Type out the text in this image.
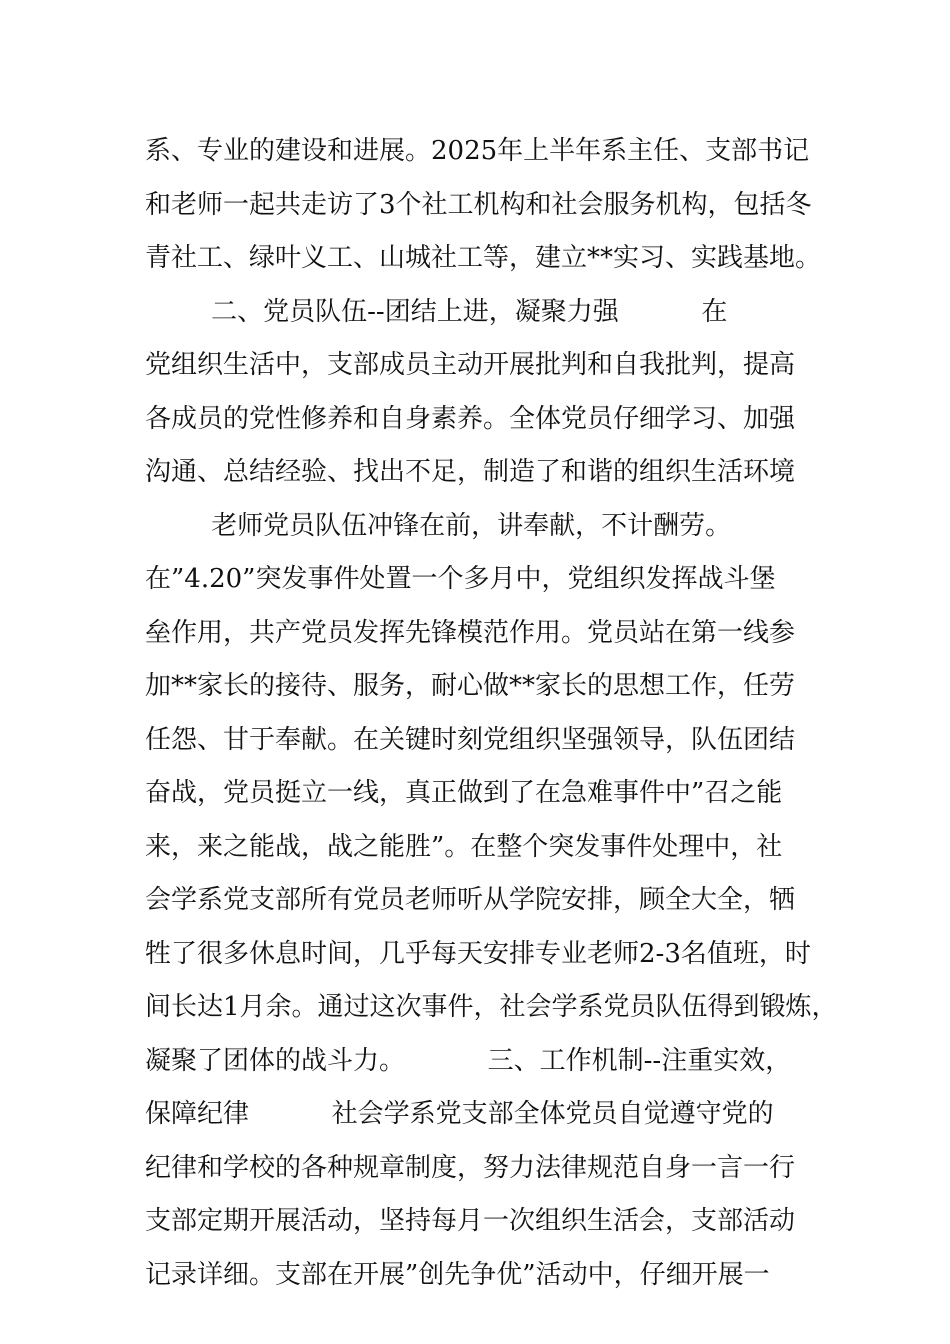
系、专业的建设和进展。2025年上半年系主任、支部书记
和老师一起共走访了3个社工机构和社会服务机构，包括冬
青社工、绿叶义工、山城社工等，建立**实习、实践基地。
二、党员队伍--团结上进，凝聚力强          在
党组织生活中，支部成员主动开展批判和自我批判，提高
各成员的党性修养和自身素养。全体党员仔细学习、加强
沟通、总结经验、找出不足，制造了和谐的组织生活环境
老师党员队伍冲锋在前，讲奉献，不计酬劳。
在”4.20”突发事件处置一个多月中，党组织发挥战斗堡
垒作用，共产党员发挥先锋模范作用。党员站在第一线参
加**家长的接待、服务，耐心做**家长的思想工作，任劳
任怨、甘于奉献。在关键时刻党组织坚强领导，队伍团结
奋战，党员挺立一线，真正做到了在急难事件中”召之能
来，来之能战，战之能胜”。在整个突发事件处理中，社
会学系党支部所有党员老师听从学院安排，顾全大全，牺
牲了很多休息时间，几乎每天安排专业老师2-3名值班，时
间长达1月余。通过这次事件，社会学系党员队伍得到锻炼，
凝聚了团体的战斗力。          三、工作机制--注重实效，
保障纪律          社会学系党支部全体党员自觉遵守党的
纪律和学校的各种规章制度，努力法律规范自身一言一行
支部定期开展活动，坚持每月一次组织生活会，支部活动
记录详细。支部在开展”创先争优”活动中，仔细开展一
